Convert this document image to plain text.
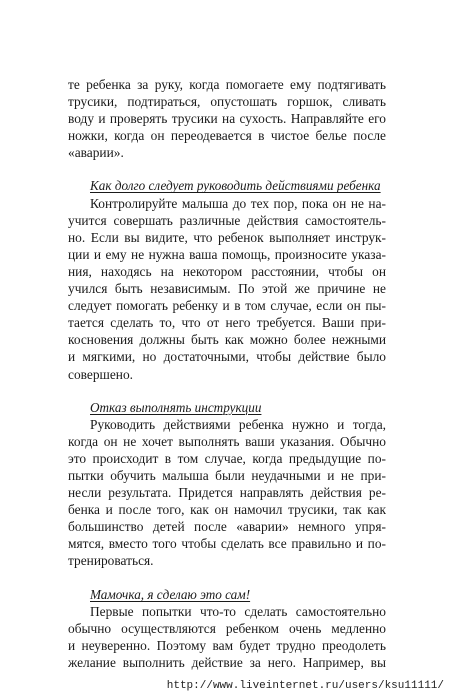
те ребенка за руку, когда помогаете ему подтягивать
трусики, подтираться, опустошать горшок, сливать
воду и проверять трусики на сухость. Направляйте его
ножки, когда он переодевается в чистое белье после
«аварии».
Как долго следует руководить действиями ребенка
Контролируйте малыша до тех пор, пока он не на-
учится совершать различные действия самостоятель-
но. Если вы видите, что ребенок выполняет инструк-
ции и ему не нужна ваша помощь, произносите указа-
ния, находясь на некотором расстоянии, чтобы он
учился быть независимым. По этой же причине не
следует помогать ребенку и в том случае, если он пы-
тается сделать то, что от него требуется. Ваши при-
косновения должны быть как можно более нежными
и мягкими, но достаточными, чтобы действие было
совершено.
Отказ выполнять инструкции
Руководить действиями ребенка нужно и тогда,
когда он не хочет выполнять ваши указания. Обычно
это происходит в том случае, когда предыдущие по-
пытки обучить малыша были неудачными и не при-
несли результата. Придется направлять действия ре-
бенка и после того, как он намочил трусики, так как
большинство детей после «аварии» немного упря-
мятся, вместо того чтобы сделать все правильно и по-
тренироваться.
Мамочка, я сделаю это сам!
Первые попытки что-то сделать самостоятельно
обычно осуществляются ребенком очень медленно
и неуверенно. Поэтому вам будет трудно преодолеть
желание выполнить действие за него. Например, вы
http://www.liveinternet.ru/users/ksu11111/
